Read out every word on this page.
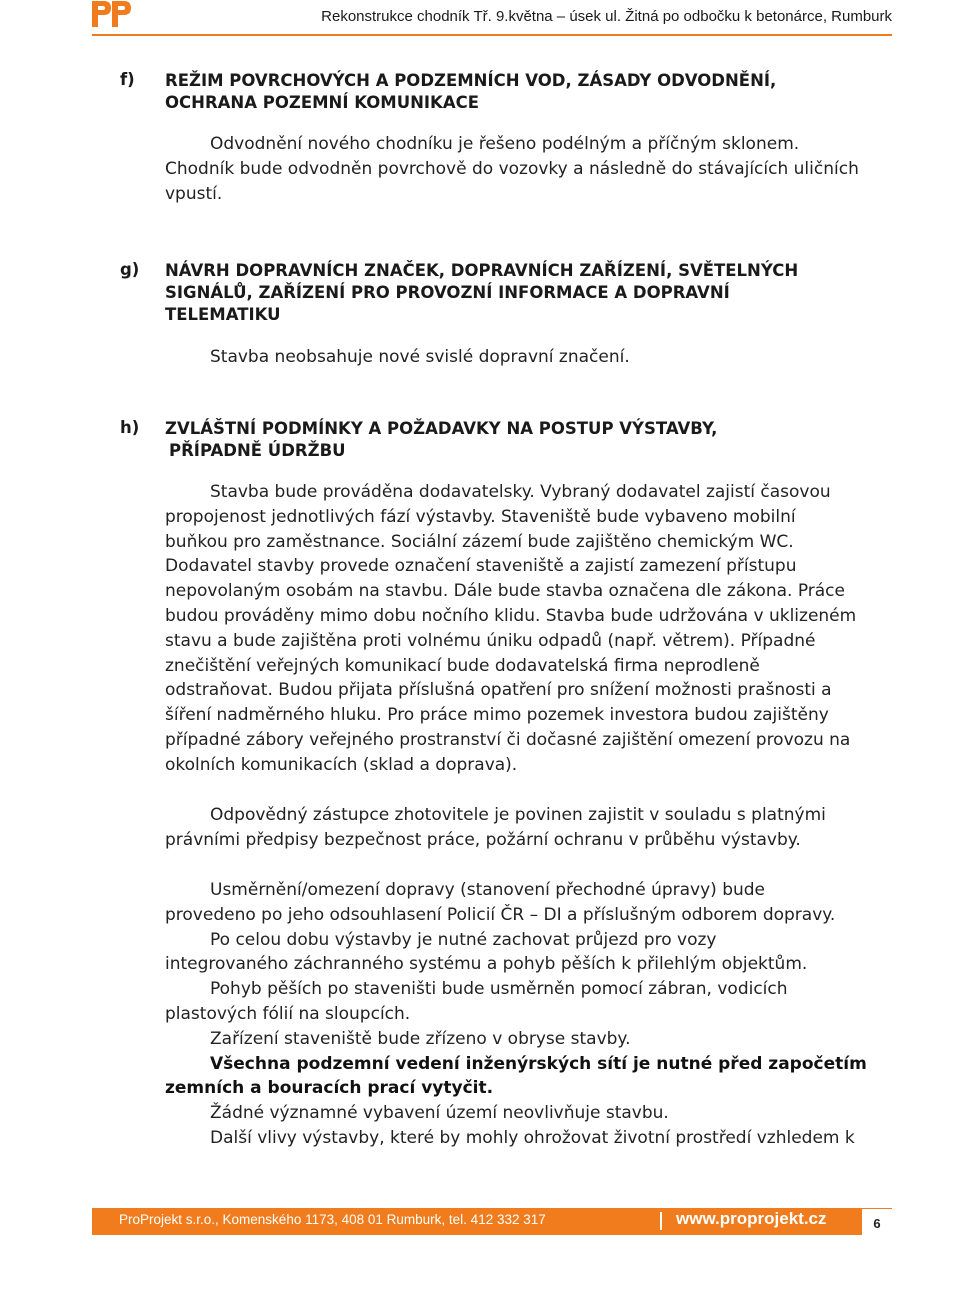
Rekonstrukce chodník Tř. 9.května – úsek ul. Žitná po odbočku k betonárce, Rumburk
f) REŽIM POVRCHOVÝCH A PODZEMNÍCH VOD, ZÁSADY ODVODNĚNÍ,
OCHRANA POZEMNÍ KOMUNIKACE
Odvodnění nového chodníku je řešeno podélným a příčným sklonem.
Chodník bude odvodněn povrchově do vozovky a následně do stávajících uličních
vpustí.
g) NÁVRH DOPRAVNÍCH ZNAČEK, DOPRAVNÍCH ZAŘÍZENÍ, SVĚTELNÝCH
SIGNÁLŮ, ZAŘÍZENÍ PRO PROVOZNÍ INFORMACE A DOPRAVNÍ
TELEMATIKU
Stavba neobsahuje nové svislé dopravní značení.
h) ZVLÁŠTNÍ PODMÍNKY A POŽADAVKY NA POSTUP VÝSTAVBY,
PŘÍPADNĚ ÚDRŽBU
Stavba bude prováděna dodavatelsky. Vybraný dodavatel zajistí časovou
propojenost jednotlivých fází výstavby. Staveniště bude vybaveno mobilní
buňkou pro zaměstnance. Sociální zázemí bude zajištěno chemickým WC.
Dodavatel stavby provede označení staveniště a zajistí zamezení přístupu
nepovolaným osobám na stavbu. Dále bude stavba označena dle zákona. Práce
budou prováděny mimo dobu nočního klidu. Stavba bude udržována v uklizeném
stavu a bude zajištěna proti volnému úniku odpadů (např. větrem). Případné
znečištění veřejných komunikací bude dodavatelská firma neprodleně
odstraňovat. Budou přijata příslušná opatření pro snížení možnosti prašnosti a
šíření nadměrného hluku. Pro práce mimo pozemek investora budou zajištěny
případné zábory veřejného prostranství či dočasné zajištění omezení provozu na
okolních komunikacích (sklad a doprava).
Odpovědný zástupce zhotovitele je povinen zajistit v souladu s platnými
právními předpisy bezpečnost práce, požární ochranu v průběhu výstavby.
Usměrnění/omezení dopravy (stanovení přechodné úpravy) bude
provedeno po jeho odsouhlasení Policií ČR – DI a příslušným odborem dopravy.
Po celou dobu výstavby je nutné zachovat průjezd pro vozy
integrovaného záchranného systému a pohyb pěších k přilehlým objektům.
Pohyb pěších po staveništi bude usměrněn pomocí zábran, vodicích
plastových fólií na sloupcích.
Zařízení staveniště bude zřízeno v obryse stavby.
Všechna podzemní vedení inženýrských sítí je nutné před započetím
zemních a bouracích prací vytyčit.
Žádné významné vybavení území neovlivňuje stavbu.
Další vlivy výstavby, které by mohly ohrožovat životní prostředí vzhledem k
ProProjekt s.r.o., Komenského 1173, 408 01 Rumburk, tel. 412 332 317	www.proprojekt.cz	6
